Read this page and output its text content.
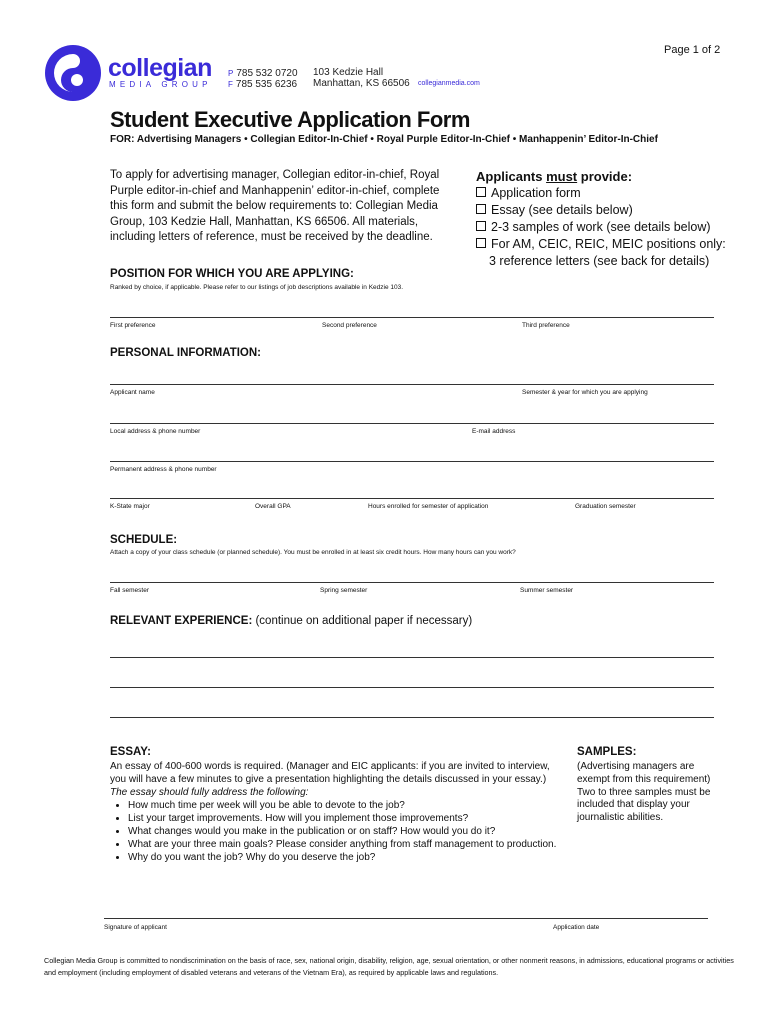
collegian
MEDIA GROUP
P 785 532 0720
F 785 535 6236
103 Kedzie Hall
Manhattan, KS 66506 collegianmedia.com
Page 1 of 2
Student Executive Application Form
FOR: Advertising Managers • Collegian Editor-In-Chief • Royal Purple Editor-In-Chief • Manhappenin’ Editor-In-Chief
To apply for advertising manager, Collegian editor-in-chief, Royal Purple editor-in-chief and Manhappenin’ editor-in-chief, complete this form and submit the below requirements to: Collegian Media Group, 103 Kedzie Hall, Manhattan, KS 66506. All materials, including letters of reference, must be received by the deadline.
Applicants must provide:
Application form
Essay (see details below)
2-3 samples of work (see details below)
For AM, CEIC, REIC, MEIC positions only:
3 reference letters (see back for details)
POSITION FOR WHICH YOU ARE APPLYING:
Ranked by choice, if applicable. Please refer to our listings of job descriptions available in Kedzie 103.
First preference	Second preference	Third preference
PERSONAL INFORMATION:
Applicant name	Semester & year for which you are applying
Local address & phone number	E-mail address
Permanent address & phone number
K-State major	Overall GPA	Hours enrolled for semester of application	Graduation semester
SCHEDULE:
Attach a copy of your class schedule (or planned schedule). You must be enrolled in at least six credit hours. How many hours can you work?
Fall semester	Spring semester	Summer semester
RELEVANT EXPERIENCE: (continue on additional paper if necessary)
ESSAY:
An essay of 400-600 words is required. (Manager and EIC applicants: if you are invited to interview, you will have a few minutes to give a presentation highlighting the details discussed in your essay.) The essay should fully address the following:
• How much time per week will you be able to devote to the job?
• List your target improvements. How will you implement those improvements?
• What changes would you make in the publication or on staff? How would you do it?
• What are your three main goals? Please consider anything from staff management to production.
• Why do you want the job? Why do you deserve the job?
SAMPLES:
(Advertising managers are exempt from this requirement)
Two to three samples must be included that display your journalistic abilities.
Signature of applicant	Application date
Collegian Media Group is committed to nondiscrimination on the basis of race, sex, national origin, disability, religion, age, sexual orientation, or other nonmerit reasons, in admissions, educational programs or activities and employment (including employment of disabled veterans and veterans of the Vietnam Era), as required by applicable laws and regulations.
